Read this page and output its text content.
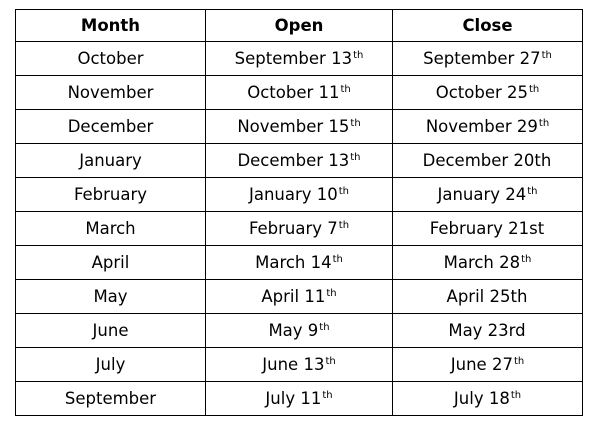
Month	Open	Close
October	September 13th	September 27th
November	October 11th	October 25th
December	November 15th	November 29th
January	December 13th	December 20th
February	January 10th	January 24th
March	February 7th	February 21st
April	March 14th	March 28th
May	April 11th	April 25th
June	May 9th	May 23rd
July	June 13th	June 27th
September	July 11th	July 18th
